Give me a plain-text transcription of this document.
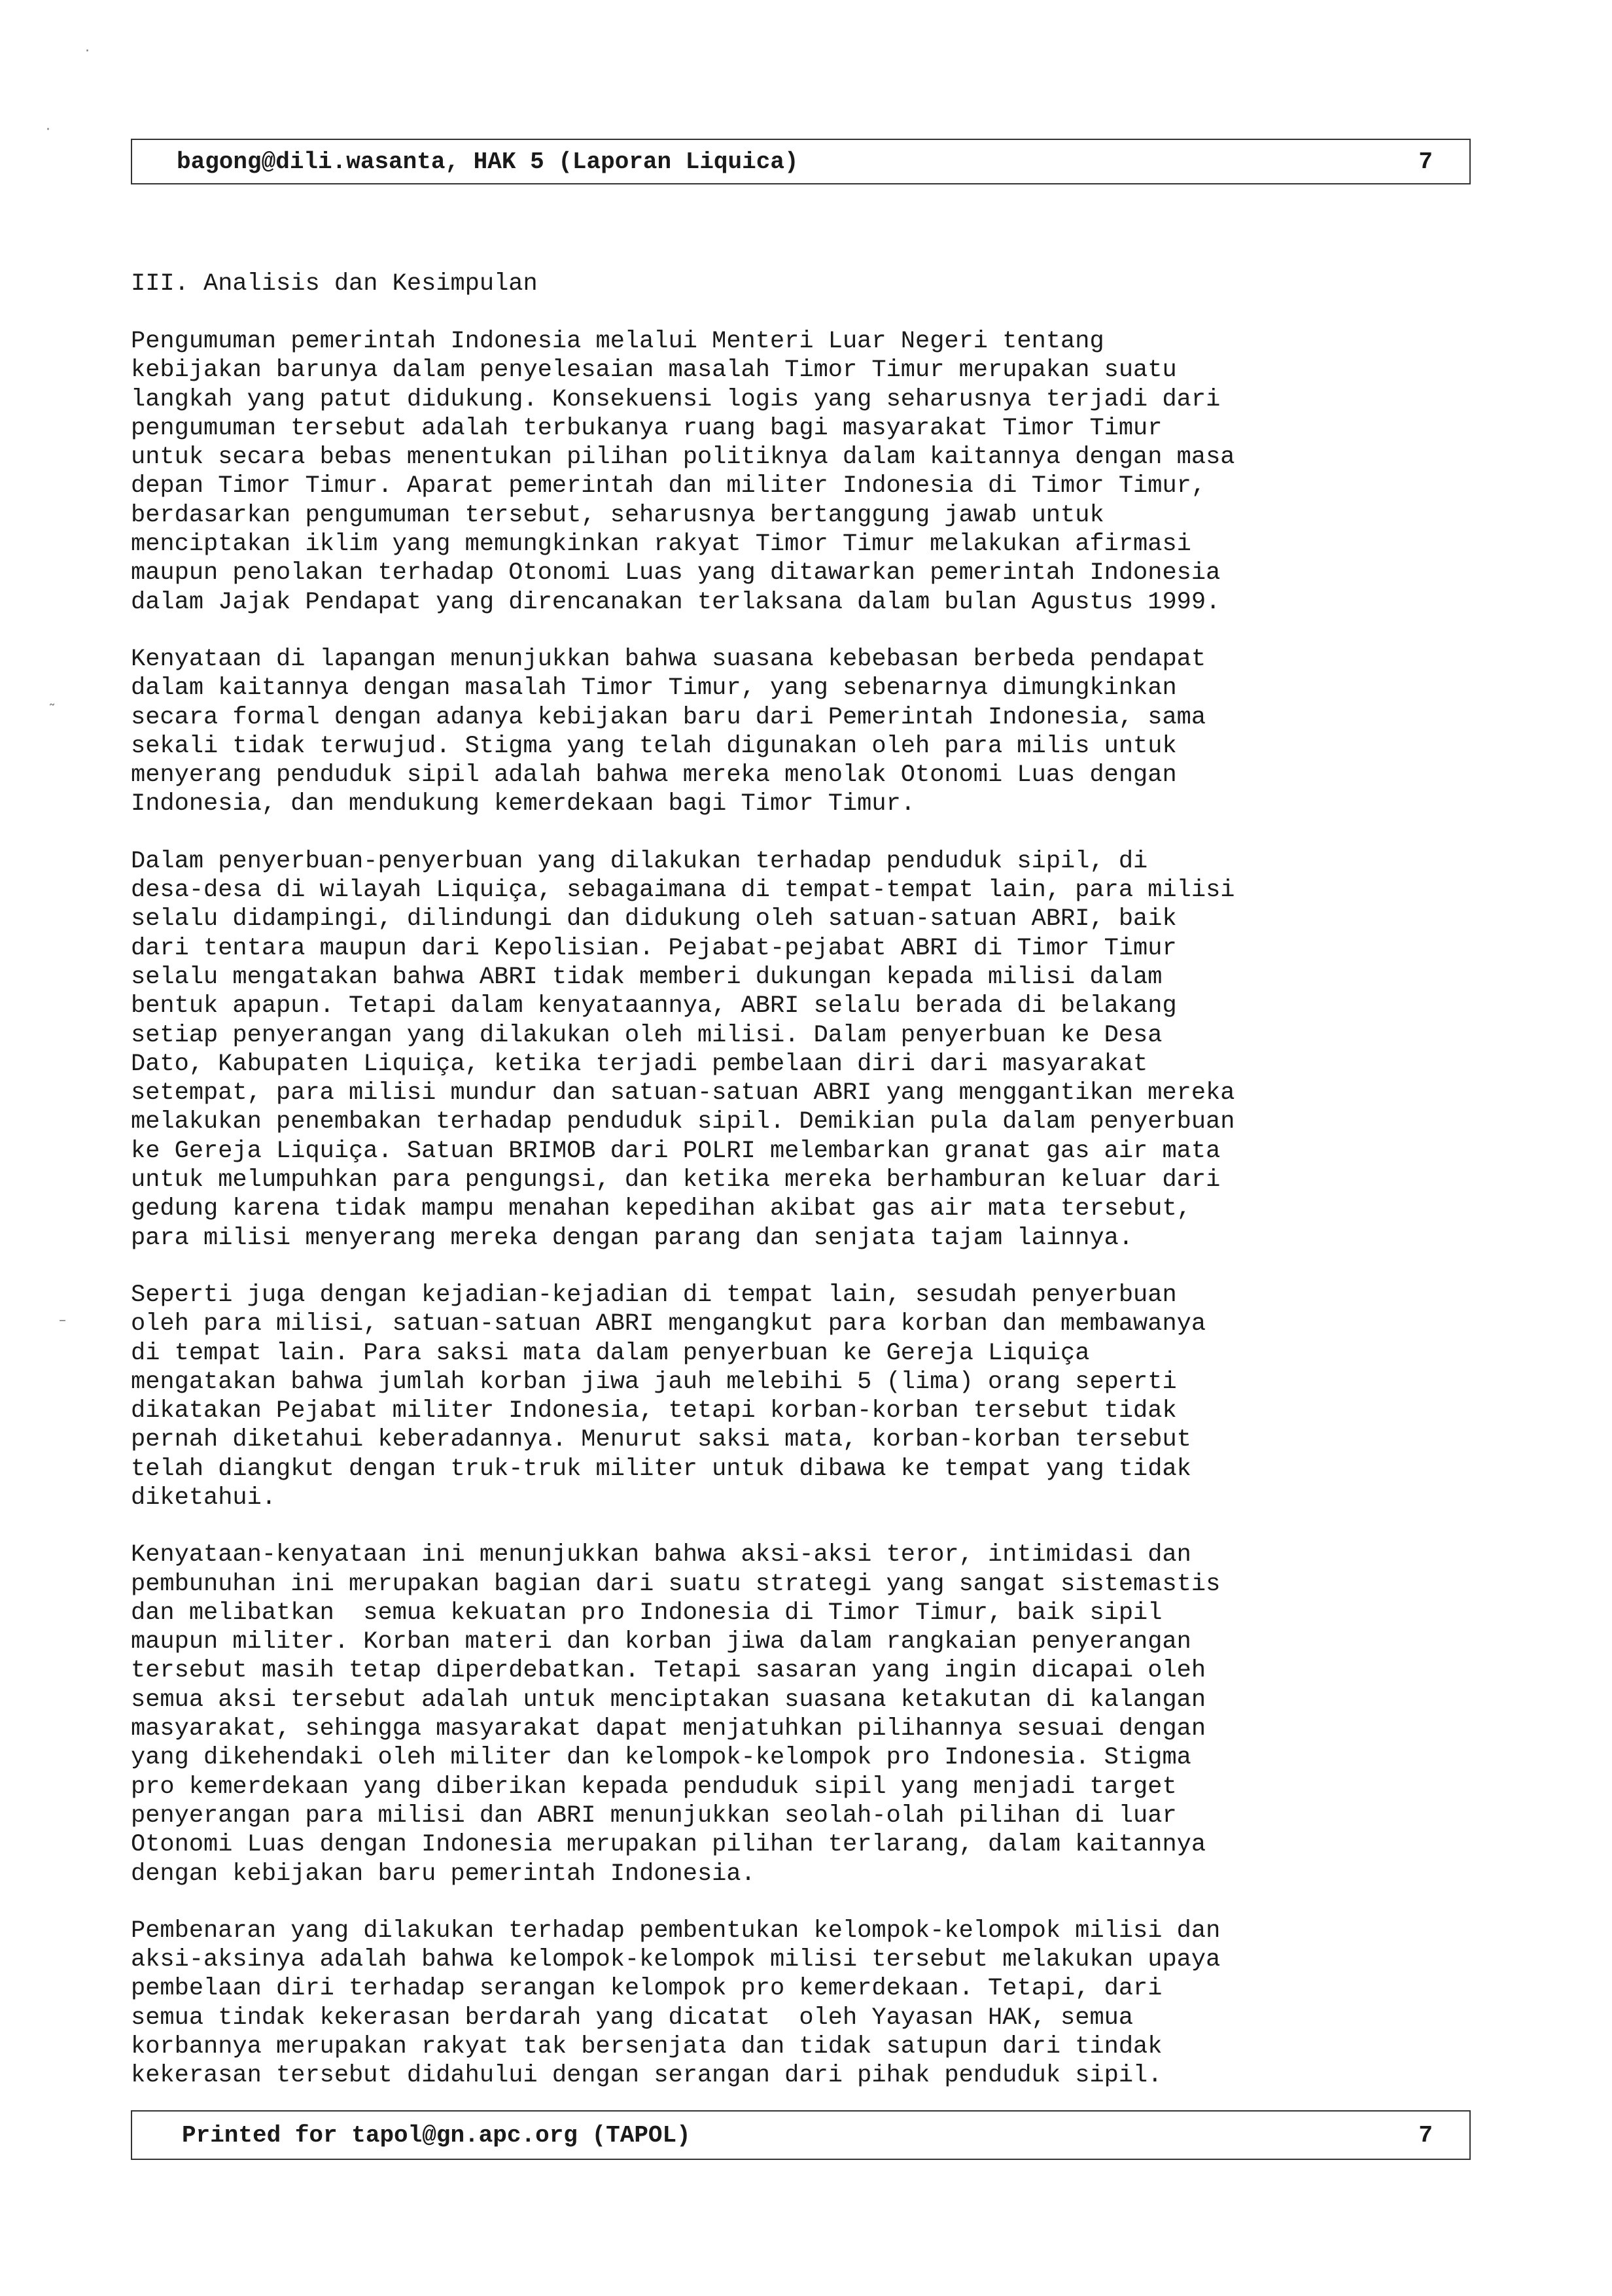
·
·
˜
–
bagong@dili.wasanta, HAK 5 (Laporan Liquica)	7
III. Analisis dan Kesimpulan
Pengumuman pemerintah Indonesia melalui Menteri Luar Negeri tentang
kebijakan barunya dalam penyelesaian masalah Timor Timur merupakan suatu
langkah yang patut didukung. Konsekuensi logis yang seharusnya terjadi dari
pengumuman tersebut adalah terbukanya ruang bagi masyarakat Timor Timur
untuk secara bebas menentukan pilihan politiknya dalam kaitannya dengan masa
depan Timor Timur. Aparat pemerintah dan militer Indonesia di Timor Timur,
berdasarkan pengumuman tersebut, seharusnya bertanggung jawab untuk
menciptakan iklim yang memungkinkan rakyat Timor Timur melakukan afirmasi
maupun penolakan terhadap Otonomi Luas yang ditawarkan pemerintah Indonesia
dalam Jajak Pendapat yang direncanakan terlaksana dalam bulan Agustus 1999.
Kenyataan di lapangan menunjukkan bahwa suasana kebebasan berbeda pendapat
dalam kaitannya dengan masalah Timor Timur, yang sebenarnya dimungkinkan
secara formal dengan adanya kebijakan baru dari Pemerintah Indonesia, sama
sekali tidak terwujud. Stigma yang telah digunakan oleh para milis untuk
menyerang penduduk sipil adalah bahwa mereka menolak Otonomi Luas dengan
Indonesia, dan mendukung kemerdekaan bagi Timor Timur.
Dalam penyerbuan-penyerbuan yang dilakukan terhadap penduduk sipil, di
desa-desa di wilayah Liquiça, sebagaimana di tempat-tempat lain, para milisi
selalu didampingi, dilindungi dan didukung oleh satuan-satuan ABRI, baik
dari tentara maupun dari Kepolisian. Pejabat-pejabat ABRI di Timor Timur
selalu mengatakan bahwa ABRI tidak memberi dukungan kepada milisi dalam
bentuk apapun. Tetapi dalam kenyataannya, ABRI selalu berada di belakang
setiap penyerangan yang dilakukan oleh milisi. Dalam penyerbuan ke Desa
Dato, Kabupaten Liquiça, ketika terjadi pembelaan diri dari masyarakat
setempat, para milisi mundur dan satuan-satuan ABRI yang menggantikan mereka
melakukan penembakan terhadap penduduk sipil. Demikian pula dalam penyerbuan
ke Gereja Liquiça. Satuan BRIMOB dari POLRI melembarkan granat gas air mata
untuk melumpuhkan para pengungsi, dan ketika mereka berhamburan keluar dari
gedung karena tidak mampu menahan kepedihan akibat gas air mata tersebut,
para milisi menyerang mereka dengan parang dan senjata tajam lainnya.
Seperti juga dengan kejadian-kejadian di tempat lain, sesudah penyerbuan
oleh para milisi, satuan-satuan ABRI mengangkut para korban dan membawanya
di tempat lain. Para saksi mata dalam penyerbuan ke Gereja Liquiça
mengatakan bahwa jumlah korban jiwa jauh melebihi 5 (lima) orang seperti
dikatakan Pejabat militer Indonesia, tetapi korban-korban tersebut tidak
pernah diketahui keberadannya. Menurut saksi mata, korban-korban tersebut
telah diangkut dengan truk-truk militer untuk dibawa ke tempat yang tidak
diketahui.
Kenyataan-kenyataan ini menunjukkan bahwa aksi-aksi teror, intimidasi dan
pembunuhan ini merupakan bagian dari suatu strategi yang sangat sistemastis
dan melibatkan  semua kekuatan pro Indonesia di Timor Timur, baik sipil
maupun militer. Korban materi dan korban jiwa dalam rangkaian penyerangan
tersebut masih tetap diperdebatkan. Tetapi sasaran yang ingin dicapai oleh
semua aksi tersebut adalah untuk menciptakan suasana ketakutan di kalangan
masyarakat, sehingga masyarakat dapat menjatuhkan pilihannya sesuai dengan
yang dikehendaki oleh militer dan kelompok-kelompok pro Indonesia. Stigma
pro kemerdekaan yang diberikan kepada penduduk sipil yang menjadi target
penyerangan para milisi dan ABRI menunjukkan seolah-olah pilihan di luar
Otonomi Luas dengan Indonesia merupakan pilihan terlarang, dalam kaitannya
dengan kebijakan baru pemerintah Indonesia.
Pembenaran yang dilakukan terhadap pembentukan kelompok-kelompok milisi dan
aksi-aksinya adalah bahwa kelompok-kelompok milisi tersebut melakukan upaya
pembelaan diri terhadap serangan kelompok pro kemerdekaan. Tetapi, dari
semua tindak kekerasan berdarah yang dicatat  oleh Yayasan HAK, semua
korbannya merupakan rakyat tak bersenjata dan tidak satupun dari tindak
kekerasan tersebut didahului dengan serangan dari pihak penduduk sipil.
Printed for tapol@gn.apc.org (TAPOL)	7
